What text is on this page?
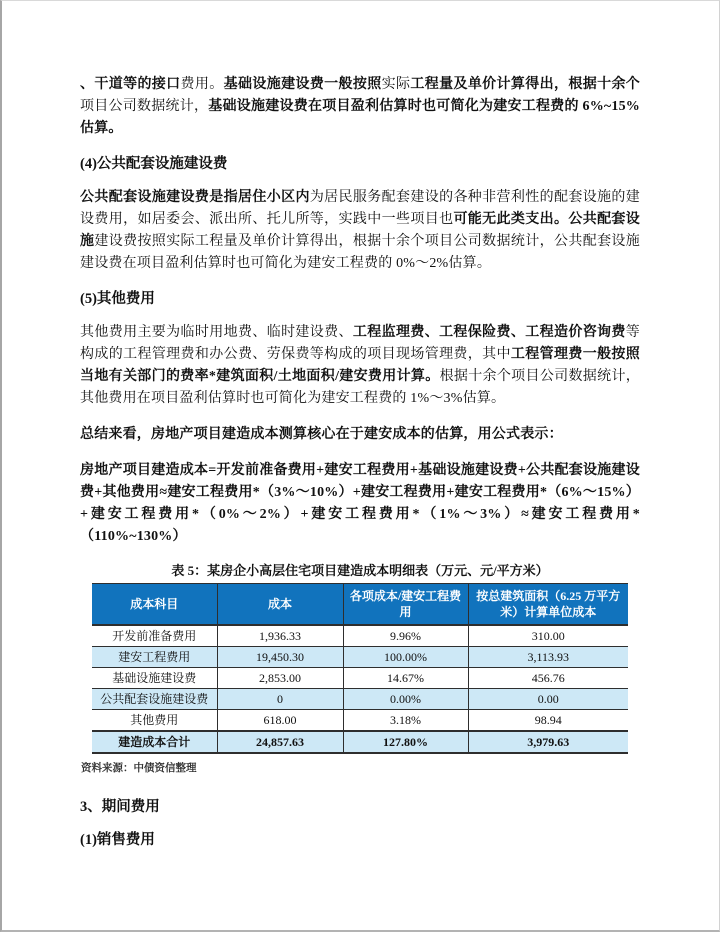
、干道等的接口费用。基础设施建设费一般按照实际工程量及单价计算得出，根据十余个项目公司数据统计，基础设施建设费在项目盈利估算时也可简化为建安工程费的 6%~15% 估算。

(4)公共配套设施建设费

公共配套设施建设费是指居住小区内为居民服务配套建设的各种非营利性的配套设施的建设费用，如居委会、派出所、托儿所等，实践中一些项目也可能无此类支出。公共配套设施建设费按照实际工程量及单价计算得出，根据十余个项目公司数据统计，公共配套设施建设费在项目盈利估算时也可简化为建安工程费的 0%～2%估算。

(5)其他费用

其他费用主要为临时用地费、临时建设费、工程监理费、工程保险费、工程造价咨询费等构成的工程管理费和办公费、劳保费等构成的项目现场管理费，其中工程管理费一般按照当地有关部门的费率*建筑面积/土地面积/建安费用计算。根据十余个项目公司数据统计，其他费用在项目盈利估算时也可简化为建安工程费的 1%～3%估算。

总结来看，房地产项目建造成本测算核心在于建安成本的估算，用公式表示：

房地产项目建造成本=开发前准备费用+建安工程费用+基础设施建设费+公共配套设施建设费+其他费用≈建安工程费用*（3%～10%）+建安工程费用+建安工程费用*（6%～15%）+建安工程费用*（0%～2%）+建安工程费用*（1%～3%）≈建安工程费用*（110%~130%）

表 5：某房企小高层住宅项目建造成本明细表（万元、元/平方米）
成本科目	成本	各项成本/建安工程费用	按总建筑面积（6.25 万平方米）计算单位成本
开发前准备费用	1,936.33	9.96%	310.00
建安工程费用	19,450.30	100.00%	3,113.93
基础设施建设费	2,853.00	14.67%	456.76
公共配套设施建设费	0	0.00%	0.00
其他费用	618.00	3.18%	98.94
建造成本合计	24,857.63	127.80%	3,979.63
资料来源：中债资信整理
3、期间费用
(1)销售费用
